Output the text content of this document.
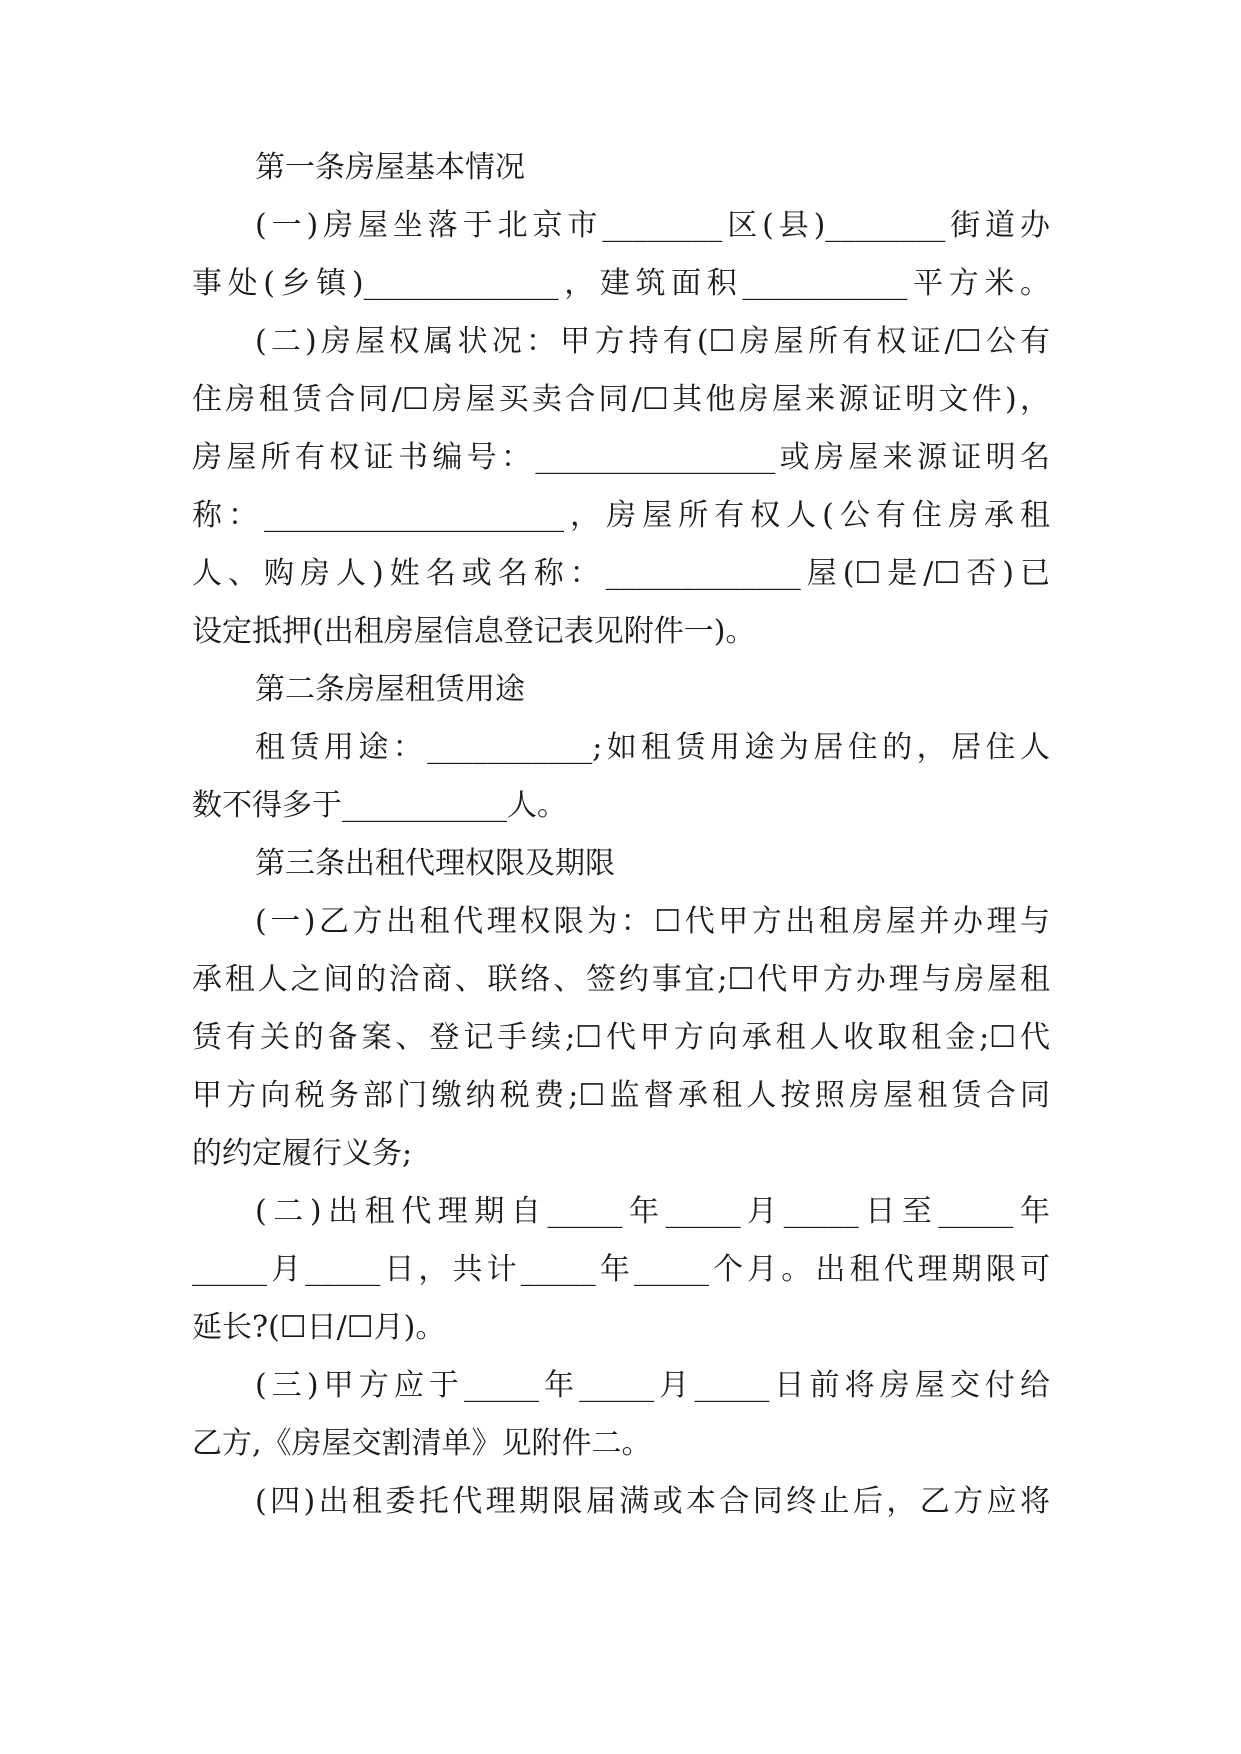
第一条房屋基本情况
(一)房屋坐落于北京市________区(县)________街道办
事处(乡镇)_____________，建筑面积___________平方米。
(二)房屋权属状况：甲方持有(☐房屋所有权证/☐公有
住房租赁合同/☐房屋买卖合同/☐其他房屋来源证明文件)，
房屋所有权证书编号：________________或房屋来源证明名
称：____________________，房屋所有权人(公有住房承租
人、购房人)姓名或名称：_____________屋(☐是/☐否)已
设定抵押(出租房屋信息登记表见附件一)。
第二条房屋租赁用途
租赁用途：___________;如租赁用途为居住的，居住人
数不得多于___________人。
第三条出租代理权限及期限
(一)乙方出租代理权限为：☐代甲方出租房屋并办理与
承租人之间的洽商、联络、签约事宜;☐代甲方办理与房屋租
赁有关的备案、登记手续;☐代甲方向承租人收取租金;☐代
甲方向税务部门缴纳税费;☐监督承租人按照房屋租赁合同
的约定履行义务;
(二)出租代理期自_____年_____月_____日至_____年
_____月_____日，共计_____年_____个月。出租代理期限可
延长?(☐日/☐月)。
(三)甲方应于_____年_____月_____日前将房屋交付给
乙方,《房屋交割清单》见附件二。
(四)出租委托代理期限届满或本合同终止后，乙方应将
